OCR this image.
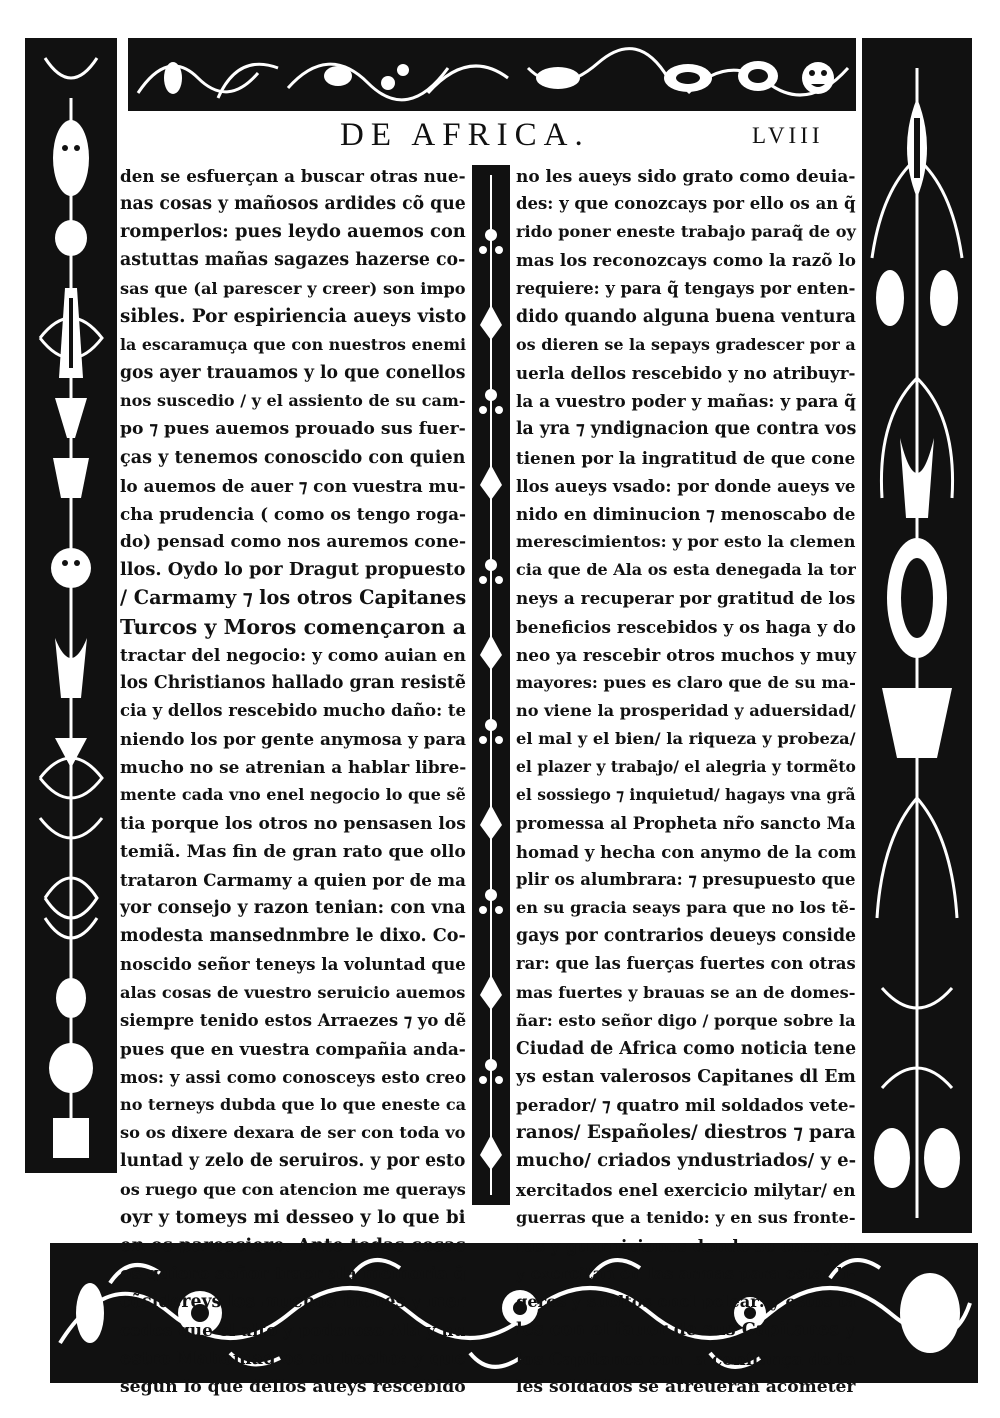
DE AFRICA.	LVIII
den se esfuerçan a buscar otras nue-
nas cosas y mañosos ardides cõ que
romperlos: pues leydo auemos con
astuttas mañas sagazes hazerse co-
sas que (al parescer y creer) son impo
sibles. Por espiriencia aueys visto
la escaramuça que con nuestros enemi
gos ayer trauamos y lo que conellos
nos suscedio / y el assiento de su cam-
po ⁊ pues auemos prouado sus fuer-
ças y tenemos conoscido con quien
lo auemos de auer ⁊ con vuestra mu-
cha prudencia ( como os tengo roga-
do) pensad como nos auremos cone-
llos. Oydo lo por Dragut propuesto
/ Carmamy ⁊ los otros Capitanes
Turcos y Moros començaron a
tractar del negocio: y como auian en
los Christianos hallado gran resistẽ
cia y dellos rescebido mucho daño: te
niendo los por gente anymosa y para
mucho no se atrenian a hablar libre-
mente cada vno enel negocio lo que sẽ
tia porque los otros no pensasen los
temiã. Mas fin de gran rato que ollo
trataron Carmamy a quien por de ma
yor consejo y razon tenian: con vna
modesta mansednmbre le dixo. Co-
noscido señor teneys la voluntad que
alas cosas de vuestro seruicio auemos
siempre tenido estos Arraezes ⁊ yo dẽ
pues que en vuestra compañia anda-
mos: y assi como conosceys esto creo
no terneys dubda que lo que eneste ca
so os dixere dexara de ser con toda vo
luntad y zelo de seruiros. y por esto
os ruego que con atencion me querays
oyr y tomeys mi desseo y lo que bi
en os paresciere. Ante todas cosas
os quiero señor traer ala memoria q̃
cõsidereys los muchos bienes y mer
cedes que el alto y poderoso Ala y nu
estro Mahomad os an hecho: y que
segun lo que dellos aueys rescebido
no les aueys sido grato como deuia-
des: y que conozcays por ello os an q̃
rido poner eneste trabajo paraq̃ de oy
mas los reconozcays como la razõ lo
requiere: y para q̃ tengays por enten-
dido quando alguna buena ventura
os dieren se la sepays gradescer por a
uerla dellos rescebido y no atribuyr-
la a vuestro poder y mañas: y para q̃
la yra ⁊ yndignacion que contra vos
tienen por la ingratitud de que cone
llos aueys vsado: por donde aueys ve
nido en diminucion ⁊ menoscabo de
merescimientos: y por esto la clemen
cia que de Ala os esta denegada la tor
neys a recuperar por gratitud de los
beneficios rescebidos y os haga y do
neo ya rescebir otros muchos y muy
mayores: pues es claro que de su ma-
no viene la prosperidad y aduersidad/
el mal y el bien/ la riqueza y probeza/
el plazer y trabajo/ el alegria y tormẽto
el sossiego ⁊ inquietud/ hagays vna grã
promessa al Propheta nr̃o sancto Ma
homad y hecha con anymo de la com
plir os alumbrara: ⁊ presupuesto que
en su gracia seays para que no los tẽ-
gays por contrarios deueys conside
rar: que las fuerças fuertes con otras
mas fuertes y brauas se an de domes-
ñar: esto señor digo / porque sobre la
Ciudad de Africa como noticia tene
ys estan valerosos Capitanes dl Em
perador/ ⁊ quatro mil soldados vete-
ranos/ Españoles/ diestros ⁊ para
mucho/ criados yndustriados/ y e-
xercitados enel exercicio milytar/ en
guerras que a tenido: y en sus fronte-
ras y guarniciones donde se ensayan
y exercitan en las armas para estar li-
geros y sueltos enel pelear: y estos ta
les con el fauor de sus Capitanes y
los Capitanes con la confiança de ta
les soldados se atreueran acometer
